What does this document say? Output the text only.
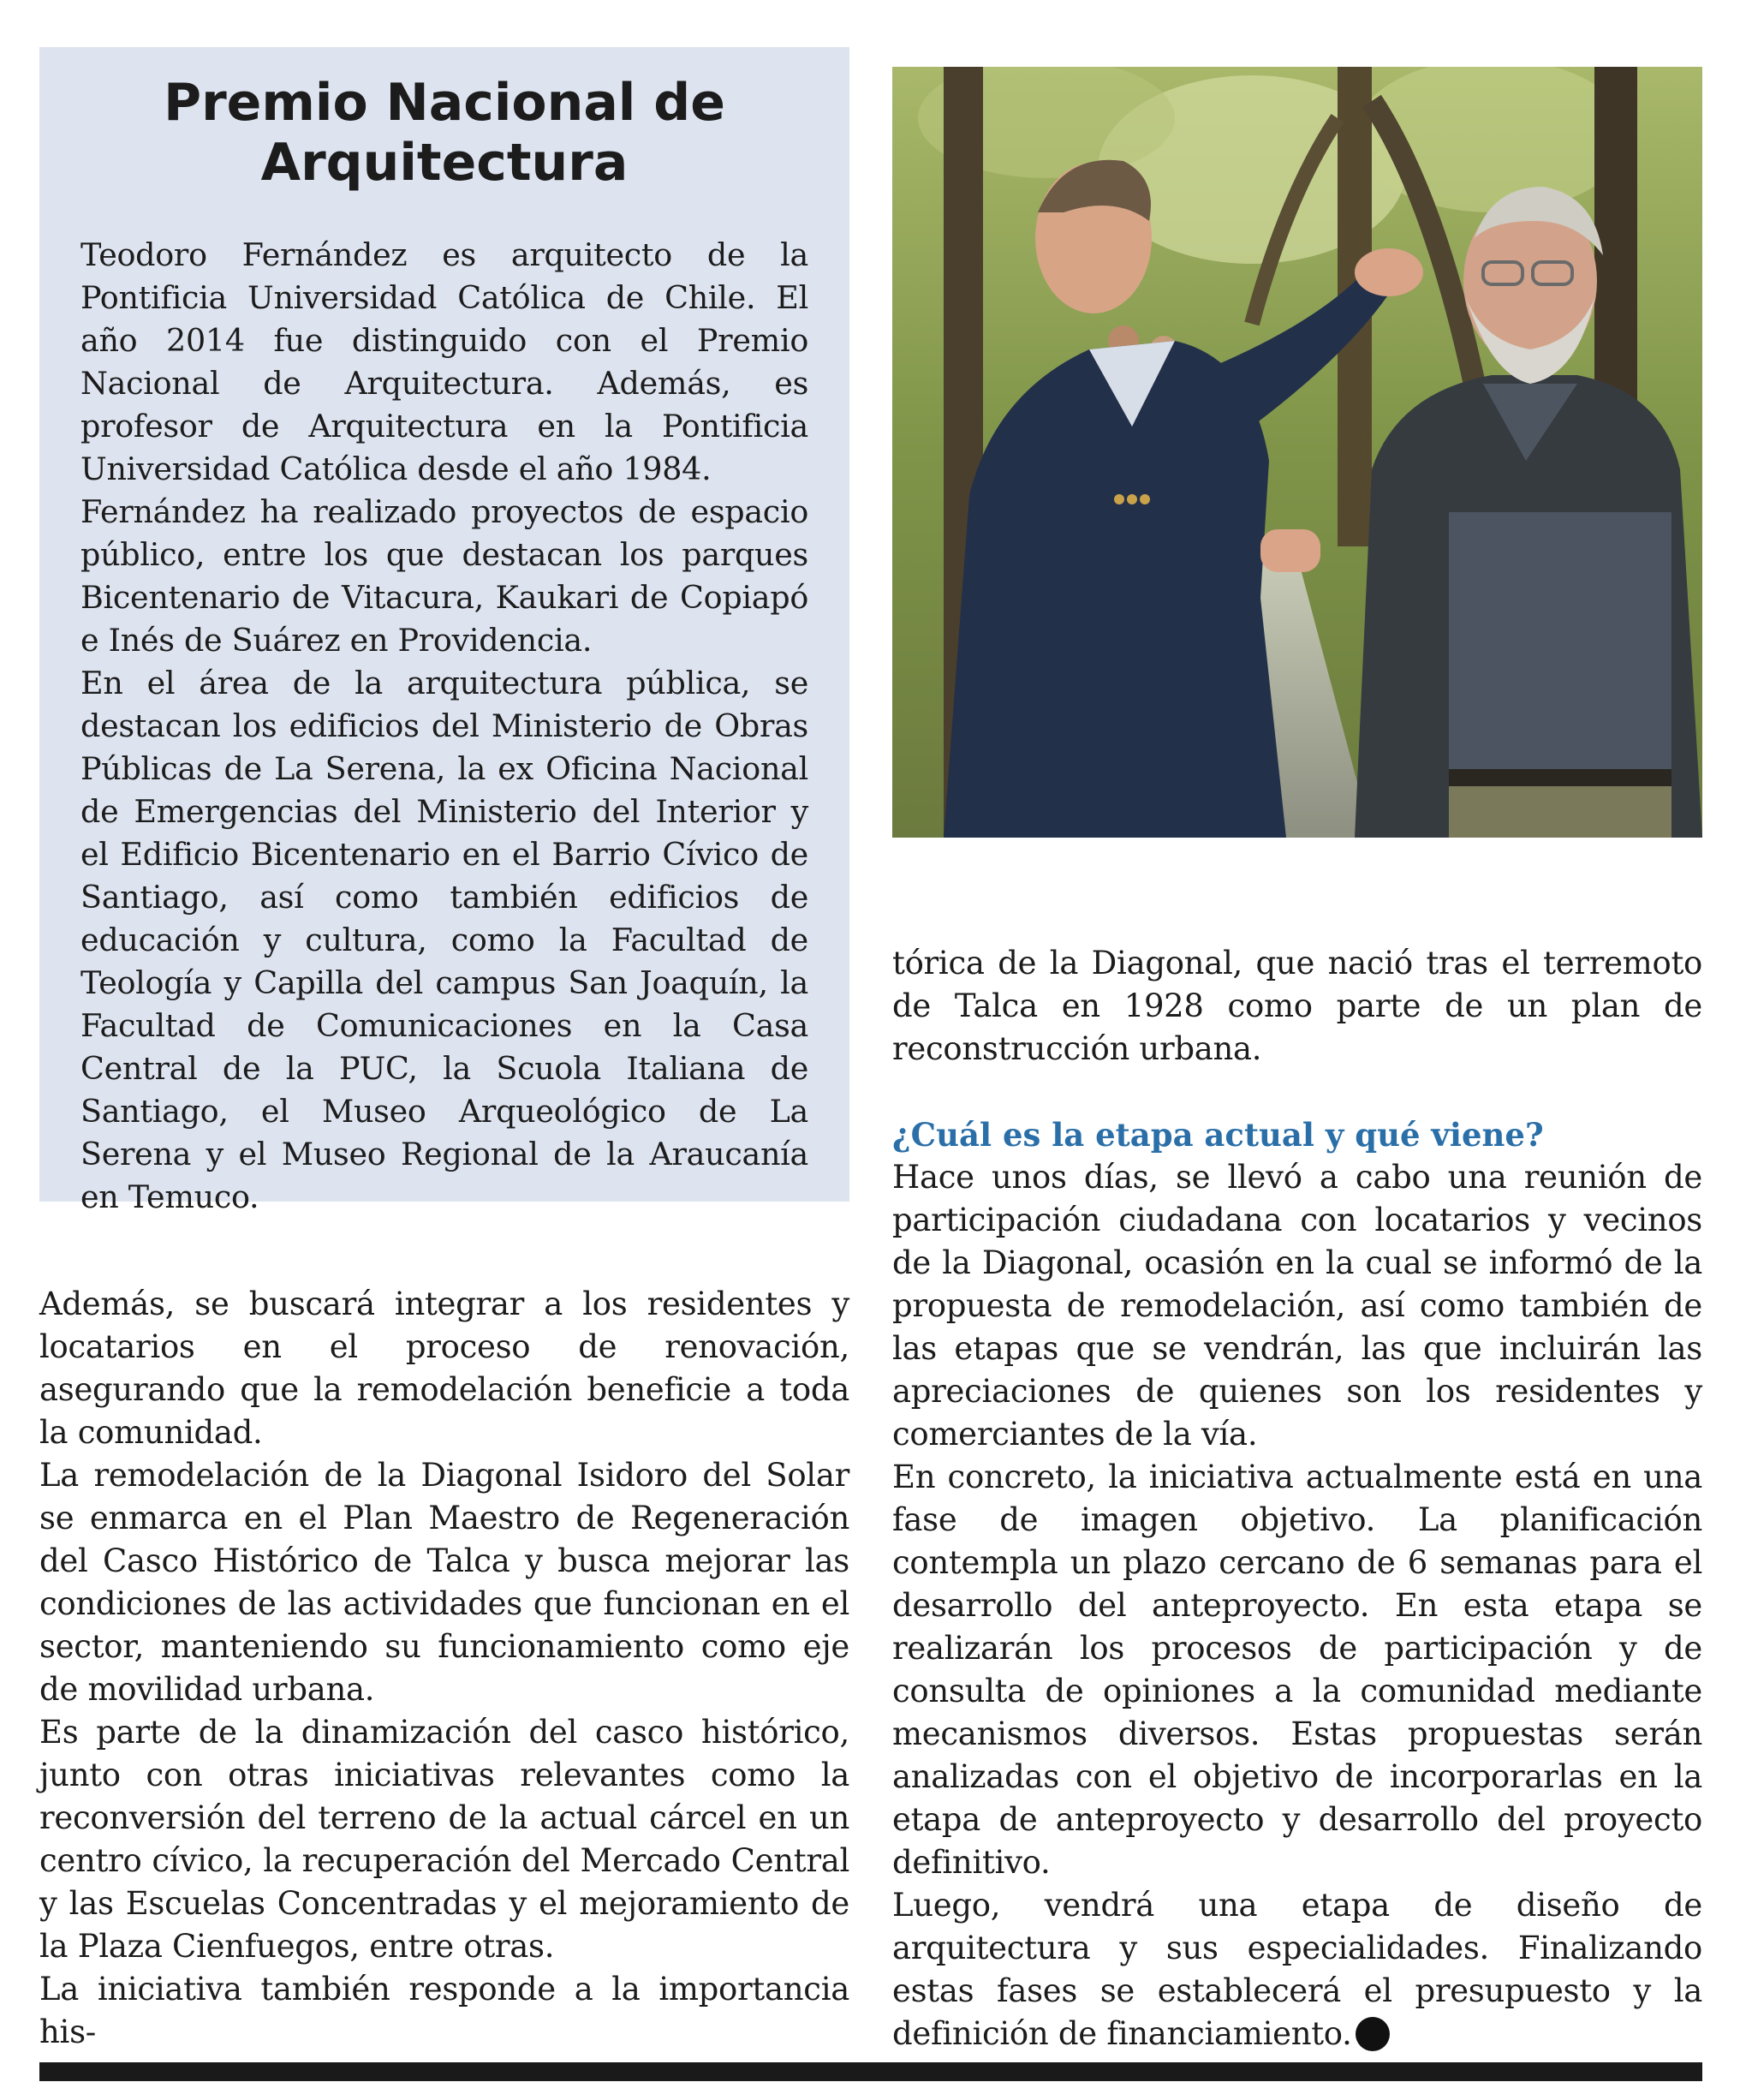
Premio Nacional de Arquitectura

Teodoro Fernández es arquitecto de la Pontificia Universidad Católica de Chile. El año 2014 fue distinguido con el Premio Nacional de Arquitectura. Además, es profesor de Arquitectura en la Pontificia Universidad Católica desde el año 1984.

Fernández ha realizado proyectos de espacio público, entre los que destacan los parques Bicentenario de Vitacura, Kaukari de Copiapó e Inés de Suárez en Providencia.

En el área de la arquitectura pública, se destacan los edificios del Ministerio de Obras Públicas de La Serena, la ex Oficina Nacional de Emergencias del Ministerio del Interior y el Edificio Bicentenario en el Barrio Cívico de Santiago, así como también edificios de educación y cultura, como la Facultad de Teología y Capilla del campus San Joaquín, la Facultad de Comunicaciones en la Casa Central de la PUC, la Scuola Italiana de Santiago, el Museo Arqueológico de La Serena y el Museo Regional de la Araucanía en Temuco.

tórica de la Diagonal, que nació tras el terremoto de Talca en 1928 como parte de un plan de reconstrucción urbana.

¿Cuál es la etapa actual y qué viene?

Hace unos días, se llevó a cabo una reunión de participación ciudadana con locatarios y vecinos de la Diagonal, ocasión en la cual se informó de la propuesta de remodelación, así como también de las etapas que se vendrán, las que incluirán las apreciaciones de quienes son los residentes y comerciantes de la vía.

En concreto, la iniciativa actualmente está en una fase de imagen objetivo. La planificación contempla un plazo cercano de 6 semanas para el desarrollo del anteproyecto. En esta etapa se realizarán los procesos de participación y de consulta de opiniones a la comunidad mediante mecanismos diversos. Estas propuestas serán analizadas con el objetivo de incorporarlas en la etapa de anteproyecto y desarrollo del proyecto definitivo.

Luego, vendrá una etapa de diseño de arquitectura y sus especialidades. Finalizando estas fases se establecerá el presupuesto y la definición de financiamiento.

Además, se buscará integrar a los residentes y locatarios en el proceso de renovación, asegurando que la remodelación beneficie a toda la comunidad.

La remodelación de la Diagonal Isidoro del Solar se enmarca en el Plan Maestro de Regeneración del Casco Histórico de Talca y busca mejorar las condiciones de las actividades que funcionan en el sector, manteniendo su funcionamiento como eje de movilidad urbana.

Es parte de la dinamización del casco histórico, junto con otras iniciativas relevantes como la reconversión del terreno de la actual cárcel en un centro cívico, la recuperación del Mercado Central y las Escuelas Concentradas y el mejoramiento de la Plaza Cienfuegos, entre otras.

La iniciativa también responde a la importancia his-
